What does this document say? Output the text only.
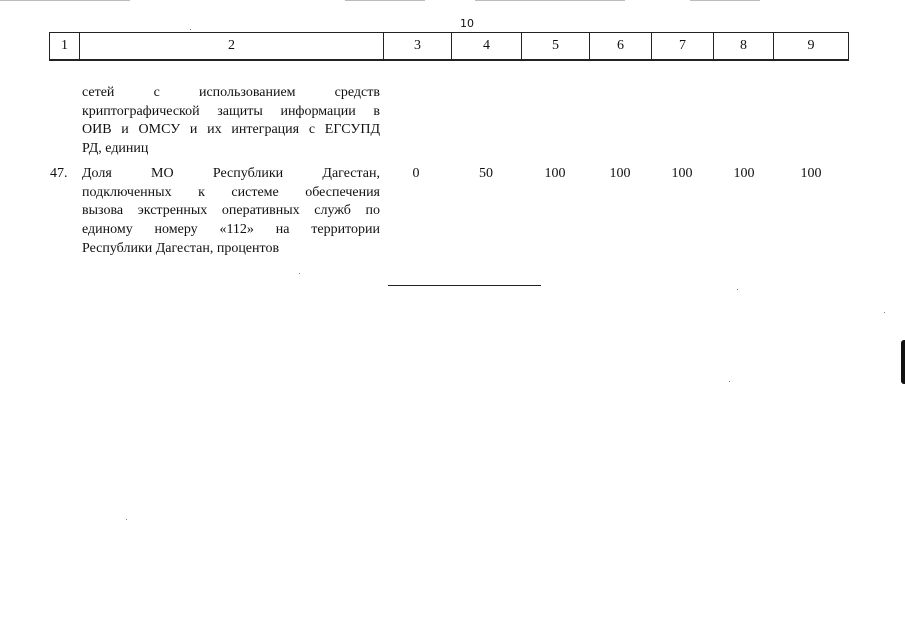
10
1	2	3	4	5	6	7	8	9
сетей с использованием средств
криптографической защиты информации в
ОИВ и ОМСУ и их интеграция с ЕГСУПД
РД, единиц
47.	Доля МО Республики Дагестан,
подключенных к системе обеспечения
вызова экстренных оперативных служб по
единому номеру «112» на территории
Республики Дагестан, процентов
0	50	100	100	100	100	100
